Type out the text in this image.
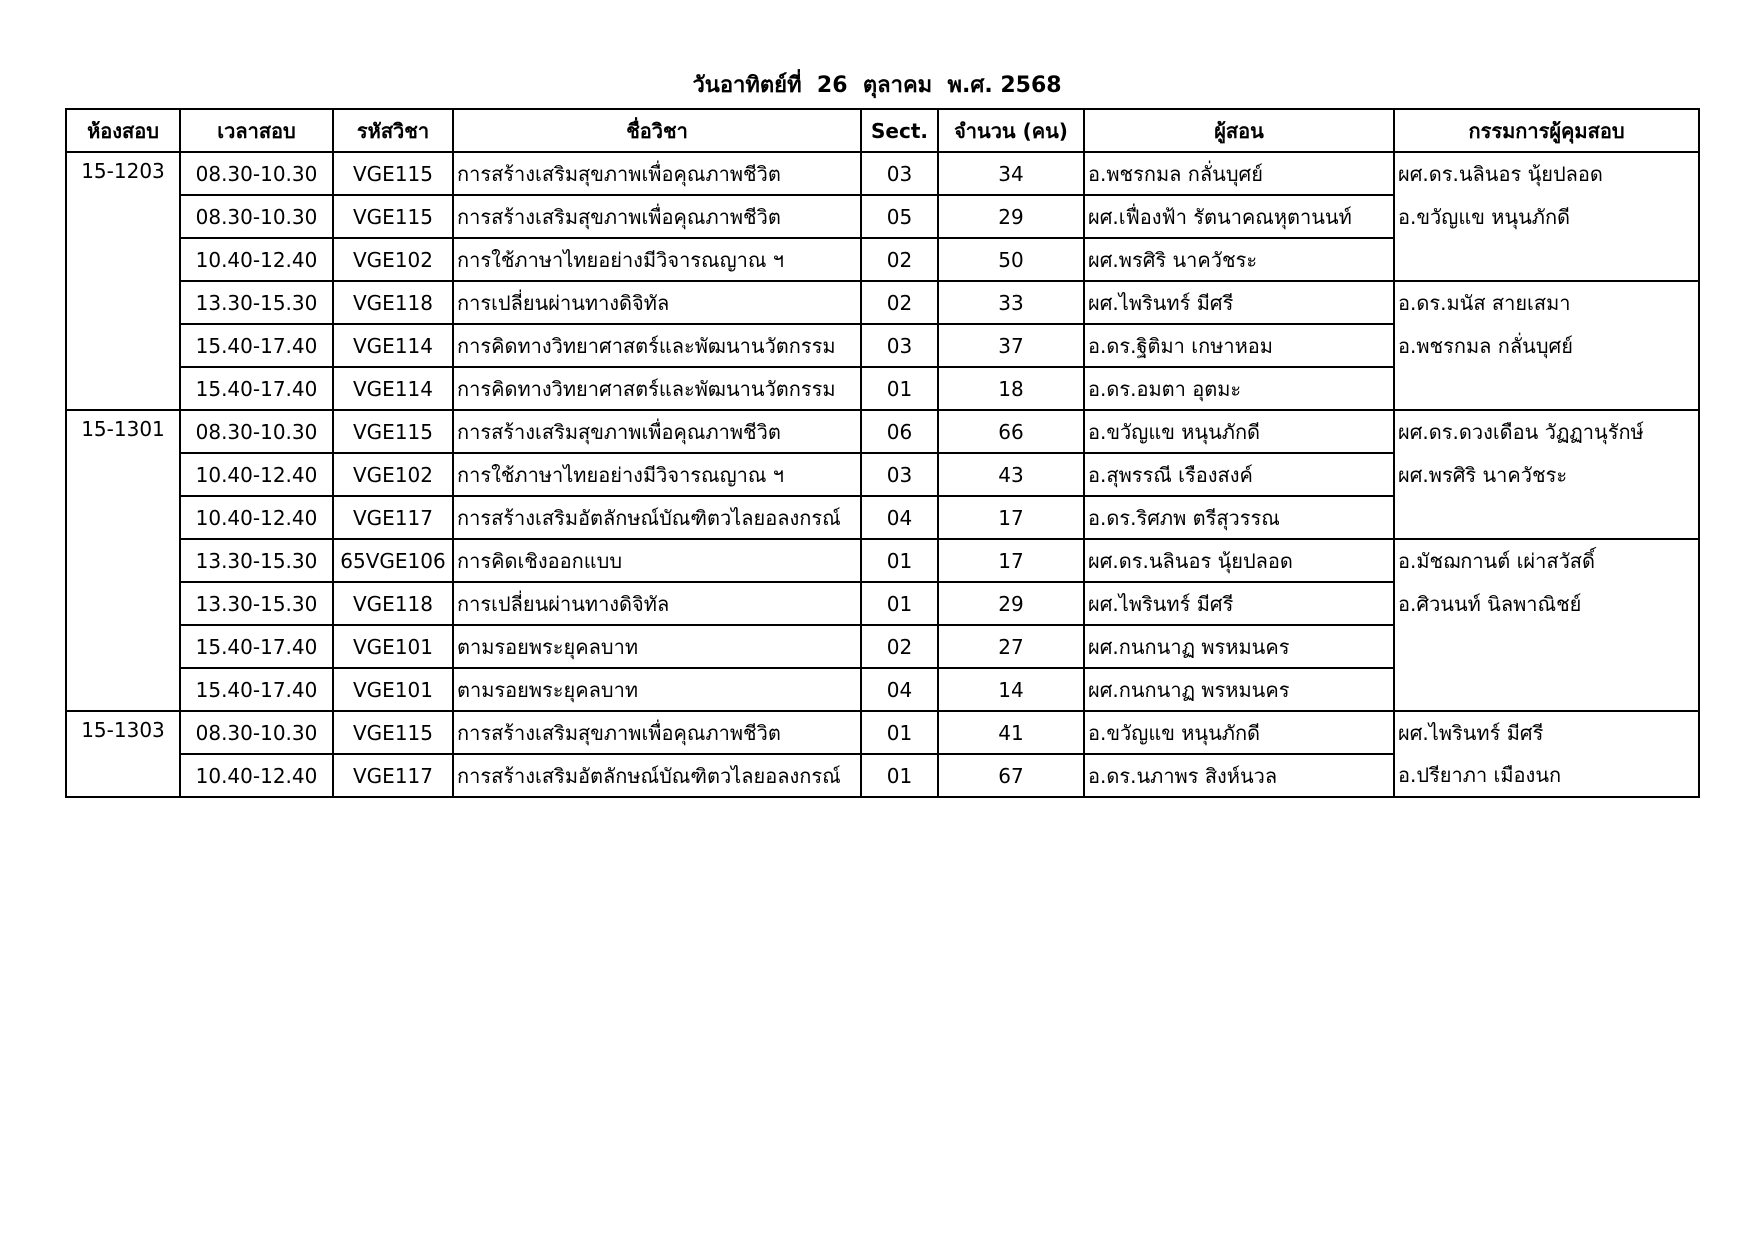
วันอาทิตย์ที่  26  ตุลาคม  พ.ศ. 2568
ห้องสอบ	เวลาสอบ	รหัสวิชา	ชื่อวิชา	Sect.	จำนวน (คน)	ผู้สอน	กรรมการผู้คุมสอบ
15-1203	08.30-10.30	VGE115	การสร้างเสริมสุขภาพเพื่อคุณภาพชีวิต	03	34	อ.พชรกมล กลั่นบุศย์	ผศ.ดร.นลินอร นุ้ยปลอด
	08.30-10.30	VGE115	การสร้างเสริมสุขภาพเพื่อคุณภาพชีวิต	05	29	ผศ.เฟื่องฟ้า รัตนาคณหุตานนท์	อ.ขวัญแข หนุนภักดี
	10.40-12.40	VGE102	การใช้ภาษาไทยอย่างมีวิจารณญาณ ฯ	02	50	ผศ.พรศิริ นาควัชระ	
	13.30-15.30	VGE118	การเปลี่ยนผ่านทางดิจิทัล	02	33	ผศ.ไพรินทร์ มีศรี	อ.ดร.มนัส สายเสมา
	15.40-17.40	VGE114	การคิดทางวิทยาศาสตร์และพัฒนานวัตกรรม	03	37	อ.ดร.ฐิติมา เกษาหอม	อ.พชรกมล กลั่นบุศย์
	15.40-17.40	VGE114	การคิดทางวิทยาศาสตร์และพัฒนานวัตกรรม	01	18	อ.ดร.อมตา อุตมะ	
15-1301	08.30-10.30	VGE115	การสร้างเสริมสุขภาพเพื่อคุณภาพชีวิต	06	66	อ.ขวัญแข หนุนภักดี	ผศ.ดร.ดวงเดือน วัฏฏานุรักษ์
	10.40-12.40	VGE102	การใช้ภาษาไทยอย่างมีวิจารณญาณ ฯ	03	43	อ.สุพรรณี เรืองสงค์	ผศ.พรศิริ นาควัชระ
	10.40-12.40	VGE117	การสร้างเสริมอัตลักษณ์บัณฑิตวไลยอลงกรณ์	04	17	อ.ดร.ริศภพ ตรีสุวรรณ	
	13.30-15.30	65VGE106	การคิดเชิงออกแบบ	01	17	ผศ.ดร.นลินอร นุ้ยปลอด	อ.มัชฌกานต์ เผ่าสวัสดิ์
	13.30-15.30	VGE118	การเปลี่ยนผ่านทางดิจิทัล	01	29	ผศ.ไพรินทร์ มีศรี	อ.ศิวนนท์ นิลพาณิชย์
	15.40-17.40	VGE101	ตามรอยพระยุคลบาท	02	27	ผศ.กนกนาฏ พรหมนคร	
	15.40-17.40	VGE101	ตามรอยพระยุคลบาท	04	14	ผศ.กนกนาฏ พรหมนคร	
15-1303	08.30-10.30	VGE115	การสร้างเสริมสุขภาพเพื่อคุณภาพชีวิต	01	41	อ.ขวัญแข หนุนภักดี	ผศ.ไพรินทร์ มีศรี
	10.40-12.40	VGE117	การสร้างเสริมอัตลักษณ์บัณฑิตวไลยอลงกรณ์	01	67	อ.ดร.นภาพร สิงห์นวล	อ.ปรียาภา เมืองนก
